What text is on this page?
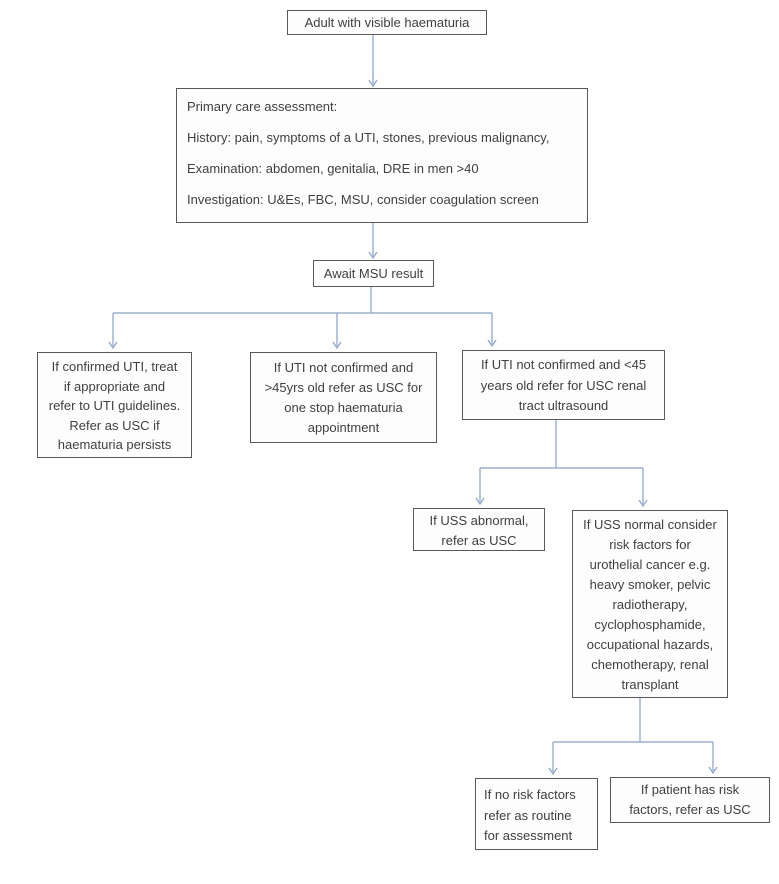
Adult with visible haematuria
Primary care assessment:
History: pain, symptoms of a UTI, stones, previous malignancy,
Examination: abdomen, genitalia, DRE in men >40
Investigation: U&Es, FBC, MSU, consider coagulation screen
Await MSU result
If confirmed UTI, treat
if appropriate and
refer to UTI guidelines.
Refer as USC if
haematuria persists
If UTI not confirmed and
>45yrs old refer as USC for
one stop haematuria
appointment
If UTI not confirmed and <45
years old refer for USC renal
tract ultrasound
If USS abnormal,
refer as USC
If USS normal consider
risk factors for
urothelial cancer e.g.
heavy smoker, pelvic
radiotherapy,
cyclophosphamide,
occupational hazards,
chemotherapy, renal
transplant
If no risk factors
refer as routine
for assessment
If patient has risk
factors, refer as USC
